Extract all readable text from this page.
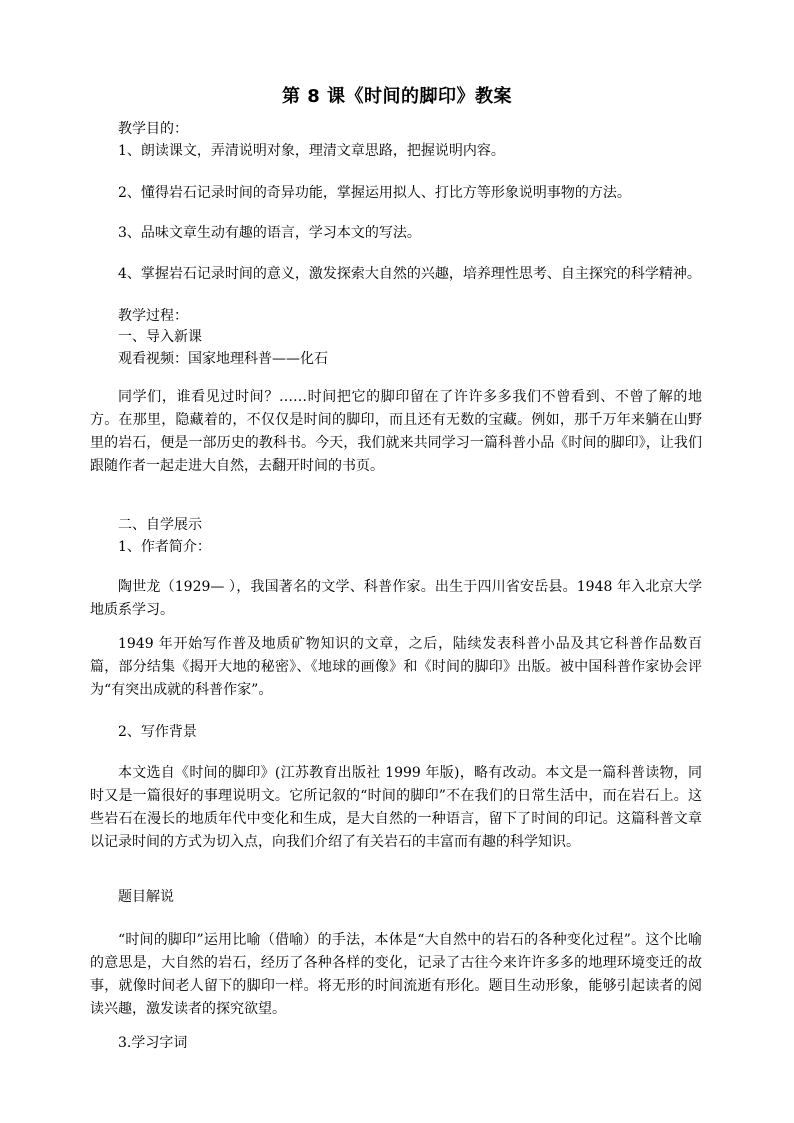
第 8 课《时间的脚印》教案
教学目的：
1、朗读课文，弄清说明对象，理清文章思路，把握说明内容。
2、懂得岩石记录时间的奇异功能，掌握运用拟人、打比方等形象说明事物的方法。
3、品味文章生动有趣的语言，学习本文的写法。
4、掌握岩石记录时间的意义，激发探索大自然的兴趣，培养理性思考、自主探究的科学精神。
教学过程：
一、导入新课
观看视频：国家地理科普——化石
同学们，谁看见过时间？……时间把它的脚印留在了许许多多我们不曾看到、不曾了解的地方。在那里，隐藏着的，不仅仅是时间的脚印，而且还有无数的宝藏。例如，那千万年来躺在山野里的岩石，便是一部历史的教科书。今天，我们就来共同学习一篇科普小品《时间的脚印》，让我们跟随作者一起走进大自然，去翻开时间的书页。
二、自学展示
1、作者简介：
陶世龙（1929— ），我国著名的文学、科普作家。出生于四川省安岳县。1948 年入北京大学地质系学习。
1949 年开始写作普及地质矿物知识的文章，之后，陆续发表科普小品及其它科普作品数百篇，部分结集《揭开大地的秘密》、《地球的画像》和《时间的脚印》出版。被中国科普作家协会评为“有突出成就的科普作家”。
2、写作背景
本文选自《时间的脚印》(江苏教育出版社 1999 年版)，略有改动。本文是一篇科普读物，同时又是一篇很好的事理说明文。它所记叙的“时间的脚印”不在我们的日常生活中，而在岩石上。这些岩石在漫长的地质年代中变化和生成，是大自然的一种语言，留下了时间的印记。这篇科普文章以记录时间的方式为切入点，向我们介绍了有关岩石的丰富而有趣的科学知识。
题目解说
“时间的脚印”运用比喻（借喻）的手法，本体是“大自然中的岩石的各种变化过程”。这个比喻的意思是，大自然的岩石，经历了各种各样的变化，记录了古往今来许许多多的地理环境变迁的故事，就像时间老人留下的脚印一样。将无形的时间流逝有形化。题目生动形象，能够引起读者的阅读兴趣，激发读者的探究欲望。
3.学习字词
